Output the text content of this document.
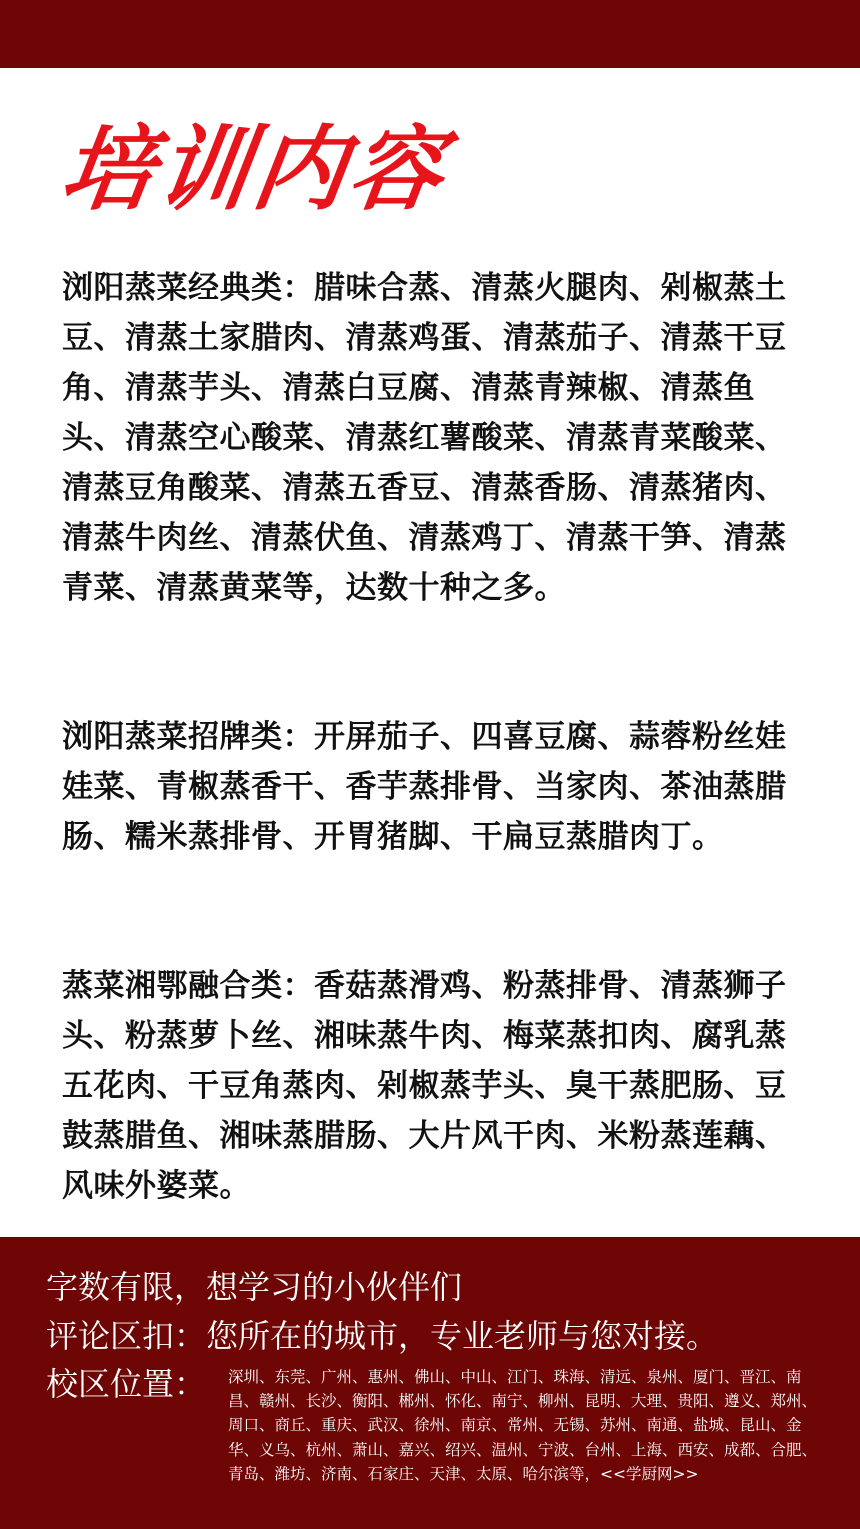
培训内容

浏阳蒸菜经典类：腊味合蒸、清蒸火腿肉、剁椒蒸土豆、清蒸土家腊肉、清蒸鸡蛋、清蒸茄子、清蒸干豆角、清蒸芋头、清蒸白豆腐、清蒸青辣椒、清蒸鱼头、清蒸空心酸菜、清蒸红薯酸菜、清蒸青菜酸菜、清蒸豆角酸菜、清蒸五香豆、清蒸香肠、清蒸猪肉、清蒸牛肉丝、清蒸伏鱼、清蒸鸡丁、清蒸干笋、清蒸青菜、清蒸黄菜等，达数十种之多。

浏阳蒸菜招牌类：开屏茄子、四喜豆腐、蒜蓉粉丝娃娃菜、青椒蒸香干、香芋蒸排骨、当家肉、茶油蒸腊肠、糯米蒸排骨、开胃猪脚、干扁豆蒸腊肉丁。

蒸菜湘鄂融合类：香菇蒸滑鸡、粉蒸排骨、清蒸狮子头、粉蒸萝卜丝、湘味蒸牛肉、梅菜蒸扣肉、腐乳蒸五花肉、干豆角蒸肉、剁椒蒸芋头、臭干蒸肥肠、豆鼓蒸腊鱼、湘味蒸腊肠、大片风干肉、米粉蒸莲藕、风味外婆菜。

字数有限，想学习的小伙伴们
评论区扣：您所在的城市，专业老师与您对接。
校区位置： 深圳、东莞、广州、惠州、佛山、中山、江门、珠海、清远、泉州、厦门、晋江、南昌、赣州、长沙、衡阳、郴州、怀化、南宁、柳州、昆明、大理、贵阳、遵义、郑州、周口、商丘、重庆、武汉、徐州、南京、常州、无锡、苏州、南通、盐城、昆山、金华、义乌、杭州、萧山、嘉兴、绍兴、温州、宁波、台州、上海、西安、成都、合肥、青岛、潍坊、济南、石家庄、天津、太原、哈尔滨等，<<学厨网>>
